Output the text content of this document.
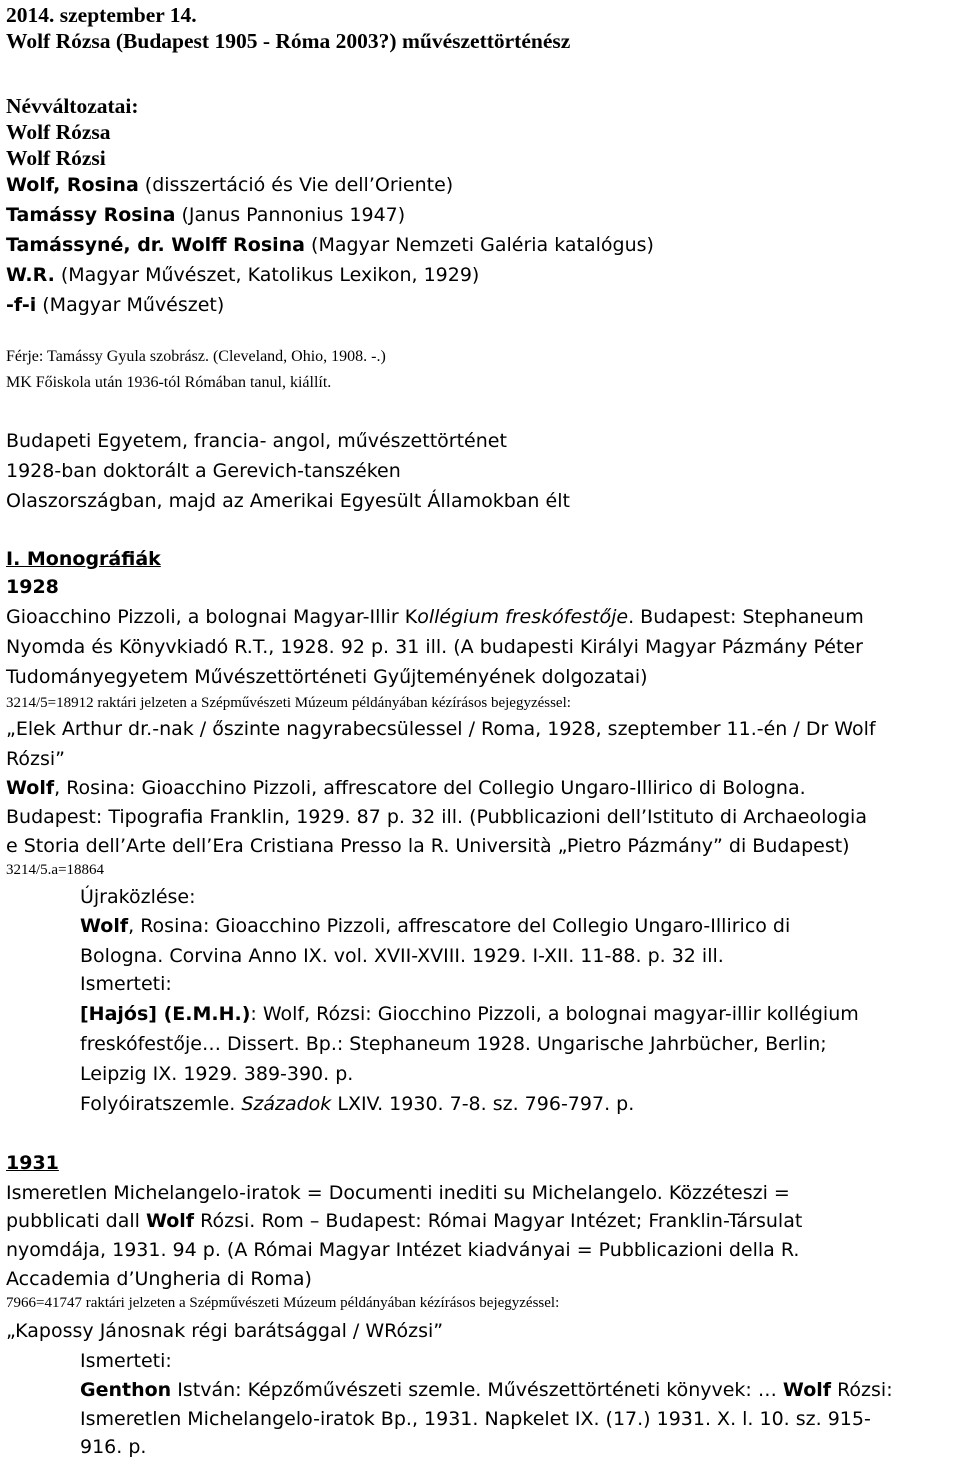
2014. szeptember 14.
Wolf Rózsa (Budapest 1905 - Róma 2003?) művészettörténész
Névváltozatai:
Wolf Rózsa
Wolf Rózsi
Wolf, Rosina (disszertáció és Vie dell’Oriente)
Tamássy Rosina (Janus Pannonius 1947)
Tamássyné, dr. Wolff Rosina (Magyar Nemzeti Galéria katalógus)
W.R. (Magyar Művészet, Katolikus Lexikon, 1929)
-f-i (Magyar Művészet)
Férje: Tamássy Gyula szobrász. (Cleveland, Ohio, 1908. -.)
MK Főiskola után 1936-tól Rómában tanul, kiállít.
Budapeti Egyetem, francia- angol, művészettörténet
1928-ban doktorált a Gerevich-tanszéken
Olaszországban, majd az Amerikai Egyesült Államokban élt
I. Monográfiák
1928
Gioacchino Pizzoli, a bolognai Magyar-Illir Kollégium freskófestője. Budapest: Stephaneum
Nyomda és Könyvkiadó R.T., 1928. 92 p. 31 ill. (A budapesti Királyi Magyar Pázmány Péter
Tudományegyetem Művészettörténeti Gyűjteményének dolgozatai)
3214/5=18912 raktári jelzeten a Szépművészeti Múzeum példányában kézírásos bejegyzéssel:
„Elek Arthur dr.-nak / őszinte nagyrabecsülessel / Roma, 1928, szeptember 11.-én / Dr Wolf
Rózsi”
Wolf, Rosina: Gioacchino Pizzoli, affrescatore del Collegio Ungaro-Illirico di Bologna.
Budapest: Tipografia Franklin, 1929. 87 p. 32 ill. (Pubblicazioni dell’Istituto di Archaeologia
e Storia dell’Arte dell’Era Cristiana Presso la R. Università „Pietro Pázmány” di Budapest)
3214/5.a=18864
Újraközlése:
Wolf, Rosina: Gioacchino Pizzoli, affrescatore del Collegio Ungaro-Illirico di
Bologna. Corvina Anno IX. vol. XVII-XVIII. 1929. I-XII. 11-88. p. 32 ill.
Ismerteti:
[Hajós] (E.M.H.): Wolf, Rózsi: Giocchino Pizzoli, a bolognai magyar-illir kollégium
freskófestője… Dissert. Bp.: Stephaneum 1928. Ungarische Jahrbücher, Berlin;
Leipzig IX. 1929. 389-390. p.
Folyóiratszemle. Századok LXIV. 1930. 7-8. sz. 796-797. p.
1931
Ismeretlen Michelangelo-iratok = Documenti inediti su Michelangelo. Közzéteszi =
pubblicati dall Wolf Rózsi. Rom – Budapest: Római Magyar Intézet; Franklin-Társulat
nyomdája, 1931. 94 p. (A Római Magyar Intézet kiadványai = Pubblicazioni della R.
Accademia d’Ungheria di Roma)
7966=41747 raktári jelzeten a Szépművészeti Múzeum példányában kézírásos bejegyzéssel:
„Kapossy Jánosnak régi barátsággal / WRózsi”
Ismerteti:
Genthon István: Képzőművészeti szemle. Művészettörténeti könyvek: … Wolf Rózsi:
Ismeretlen Michelangelo-iratok Bp., 1931. Napkelet IX. (17.) 1931. X. l. 10. sz. 915-
916. p.
